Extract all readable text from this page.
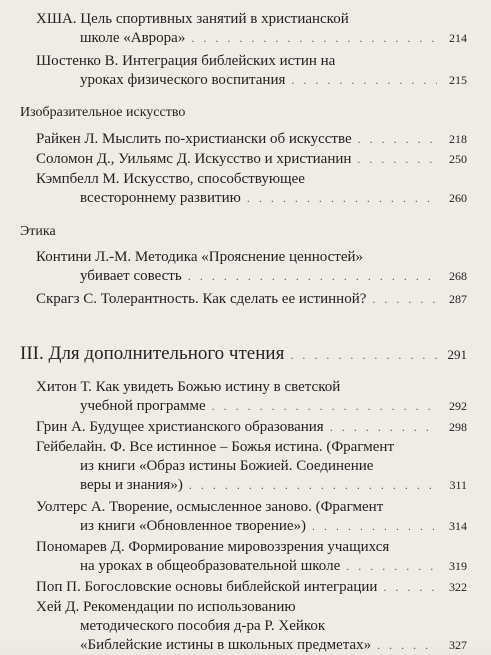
ХША. Цель спортивных занятий в христианской
школе «Аврора» . . .	214
Шостенко В. Интеграция библейских истин на
уроках физического воспитания . . .	215
Изобразительное искусство
Райкен Л. Мыслить по-христиански об искусстве . . .	218
Соломон Д., Уильямс Д. Искусство и христианин . . .	250
Кэмпбелл М. Искусство, способствующее
всестороннему развитию . . .	260
Этика
Контини Л.-М. Методика «Прояснение ценностей»
убивает совесть . . .	268
Скрагз С. Толерантность. Как сделать ее истинной? . . .	287
III. Для дополнительного чтения . . .	291
Хитон Т. Как увидеть Божью истину в светской
учебной программе . . .	292
Грин А. Будущее христианского образования . . .	298
Гейбелайн. Ф. Все истинное – Божья истина. (Фрагмент
из книги «Образ истины Божией. Соединение
веры и знания») . . .	311
Уолтерс А. Творение, осмысленное заново. (Фрагмент
из книги «Обновленное творение») . . .	314
Пономарев Д. Формирование мировоззрения учащихся
на уроках в общеобразовательной школе . . .	319
Поп П. Богословские основы библейской интеграции . . .	322
Хей Д. Рекомендации по использованию
методического пособия д-ра Р. Хейкок
«Библейские истины в школьных предметах» . . .	327
